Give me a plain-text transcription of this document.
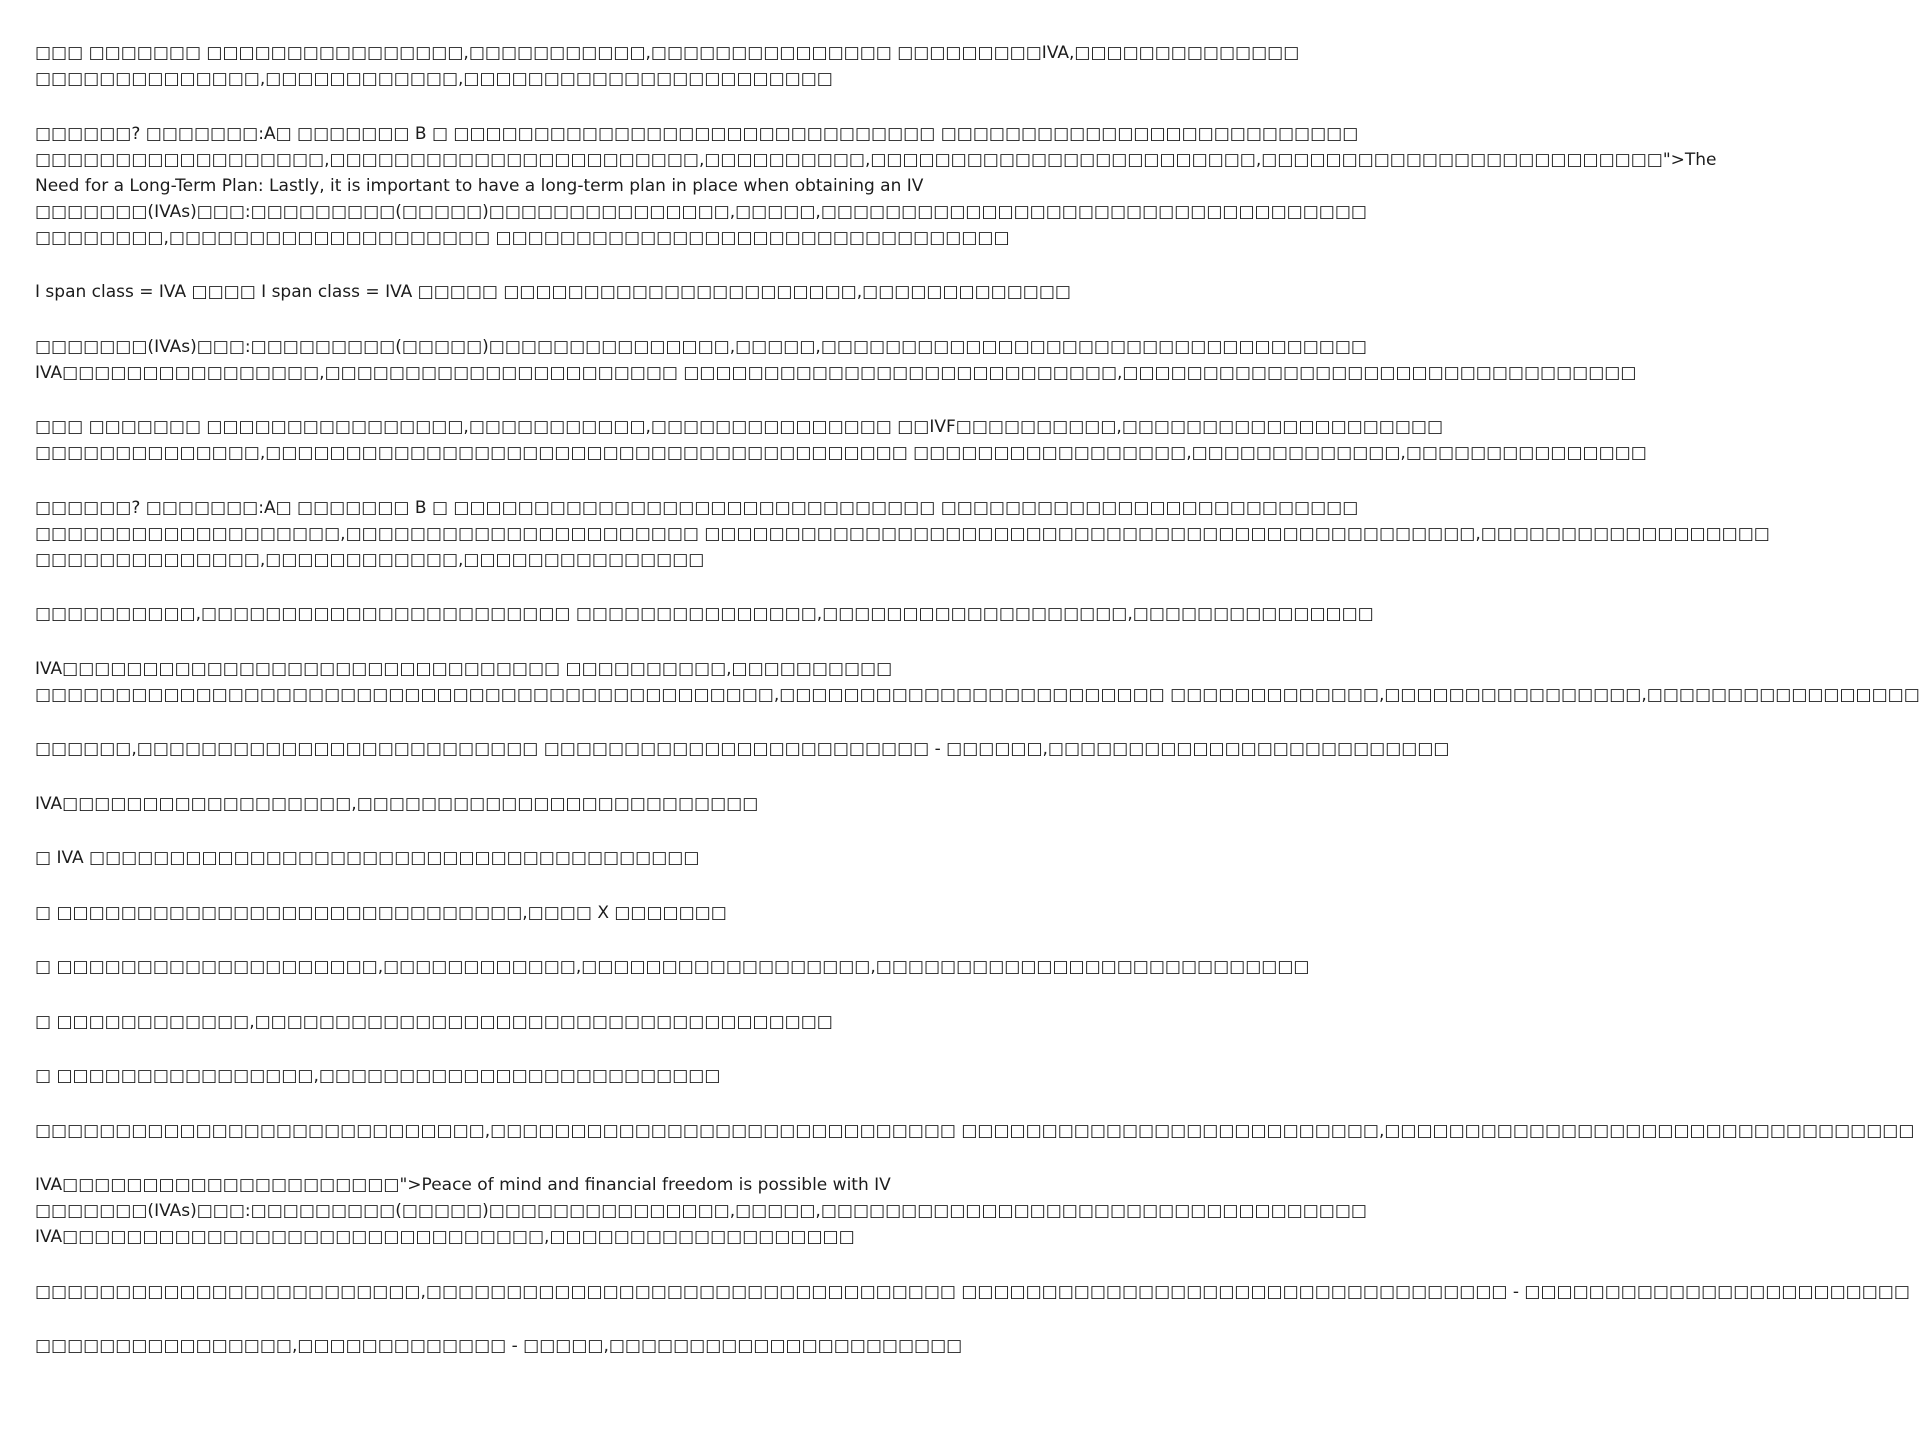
□□□ □□□□□□□ □□□□□□□□□□□□□□□□,□□□□□□□□□□□,□□□□□□□□□□□□□□□ □□□□□□□□□IVA,□□□□□□□□□□□□□□
□□□□□□□□□□□□□□,□□□□□□□□□□□□,□□□□□□□□□□□□□□□□□□□□□□□
□□□□□□? □□□□□□□:A□ □□□□□□□ B □ □□□□□□□□□□□□□□□□□□□□□□□□□□□□□□ □□□□□□□□□□□□□□□□□□□□□□□□□□
□□□□□□□□□□□□□□□□□□,□□□□□□□□□□□□□□□□□□□□□□□,□□□□□□□□□□,□□□□□□□□□□□□□□□□□□□□□□□□,□□□□□□□□□□□□□□□□□□□□□□□□□">The
Need for a Long-Term Plan: Lastly, it is important to have a long-term plan in place when obtaining an IV
□□□□□□□(IVAs)□□□:□□□□□□□□□(□□□□□)□□□□□□□□□□□□□□□,□□□□□,□□□□□□□□□□□□□□□□□□□□□□□□□□□□□□□□□□
□□□□□□□□,□□□□□□□□□□□□□□□□□□□□ □□□□□□□□□□□□□□□□□□□□□□□□□□□□□□□□
I span class = IVA □□□□ I span class = IVA □□□□□ □□□□□□□□□□□□□□□□□□□□□□,□□□□□□□□□□□□□
□□□□□□□(IVAs)□□□:□□□□□□□□□(□□□□□)□□□□□□□□□□□□□□□,□□□□□,□□□□□□□□□□□□□□□□□□□□□□□□□□□□□□□□□□
IVA□□□□□□□□□□□□□□□□,□□□□□□□□□□□□□□□□□□□□□□ □□□□□□□□□□□□□□□□□□□□□□□□□□□,□□□□□□□□□□□□□□□□□□□□□□□□□□□□□□□□
□□□ □□□□□□□ □□□□□□□□□□□□□□□□,□□□□□□□□□□□,□□□□□□□□□□□□□□□ □□IVF□□□□□□□□□□,□□□□□□□□□□□□□□□□□□□□
□□□□□□□□□□□□□□,□□□□□□□□□□□□□□□□□□□□□□□□□□□□□□□□□□□□□□□□ □□□□□□□□□□□□□□□□□,□□□□□□□□□□□□□,□□□□□□□□□□□□□□□
□□□□□□? □□□□□□□:A□ □□□□□□□ B □ □□□□□□□□□□□□□□□□□□□□□□□□□□□□□□ □□□□□□□□□□□□□□□□□□□□□□□□□□
□□□□□□□□□□□□□□□□□□□,□□□□□□□□□□□□□□□□□□□□□□ □□□□□□□□□□□□□□□□□□□□□□□□□□□□□□□□□□□□□□□□□□□□□□□□,□□□□□□□□□□□□□□□□□□
□□□□□□□□□□□□□□,□□□□□□□□□□□□,□□□□□□□□□□□□□□□
□□□□□□□□□□,□□□□□□□□□□□□□□□□□□□□□□□ □□□□□□□□□□□□□□□,□□□□□□□□□□□□□□□□□□□,□□□□□□□□□□□□□□□
IVA□□□□□□□□□□□□□□□□□□□□□□□□□□□□□□□ □□□□□□□□□□,□□□□□□□□□□
□□□□□□□□□□□□□□□□□□□□□□□□□□□□□□□□□□□□□□□□□□□□□□,□□□□□□□□□□□□□□□□□□□□□□□□ □□□□□□□□□□□□□,□□□□□□□□□□□□□□□□,□□□□□□□□□□□□□□□□□
□□□□□□,□□□□□□□□□□□□□□□□□□□□□□□□□ □□□□□□□□□□□□□□□□□□□□□□□□ - □□□□□□,□□□□□□□□□□□□□□□□□□□□□□□□□
IVA□□□□□□□□□□□□□□□□□□,□□□□□□□□□□□□□□□□□□□□□□□□□
□ IVA □□□□□□□□□□□□□□□□□□□□□□□□□□□□□□□□□□□□□□
□ □□□□□□□□□□□□□□□□□□□□□□□□□□□□□,□□□□ X □□□□□□□
□ □□□□□□□□□□□□□□□□□□□□,□□□□□□□□□□□□,□□□□□□□□□□□□□□□□□□,□□□□□□□□□□□□□□□□□□□□□□□□□□□
□ □□□□□□□□□□□□,□□□□□□□□□□□□□□□□□□□□□□□□□□□□□□□□□□□□
□ □□□□□□□□□□□□□□□□,□□□□□□□□□□□□□□□□□□□□□□□□□
□□□□□□□□□□□□□□□□□□□□□□□□□□□□,□□□□□□□□□□□□□□□□□□□□□□□□□□□□□ □□□□□□□□□□□□□□□□□□□□□□□□□□,□□□□□□□□□□□□□□□□□□□□□□□□□□□□□□□□□
IVA□□□□□□□□□□□□□□□□□□□□□">Peace of mind and financial freedom is possible with IV
□□□□□□□(IVAs)□□□:□□□□□□□□□(□□□□□)□□□□□□□□□□□□□□□,□□□□□,□□□□□□□□□□□□□□□□□□□□□□□□□□□□□□□□□□
IVA□□□□□□□□□□□□□□□□□□□□□□□□□□□□□□,□□□□□□□□□□□□□□□□□□□
□□□□□□□□□□□□□□□□□□□□□□□□,□□□□□□□□□□□□□□□□□□□□□□□□□□□□□□□□□ □□□□□□□□□□□□□□□□□□□□□□□□□□□□□□□□□□ - □□□□□□□□□□□□□□□□□□□□□□□□
□□□□□□□□□□□□□□□□,□□□□□□□□□□□□□ - □□□□□,□□□□□□□□□□□□□□□□□□□□□□
